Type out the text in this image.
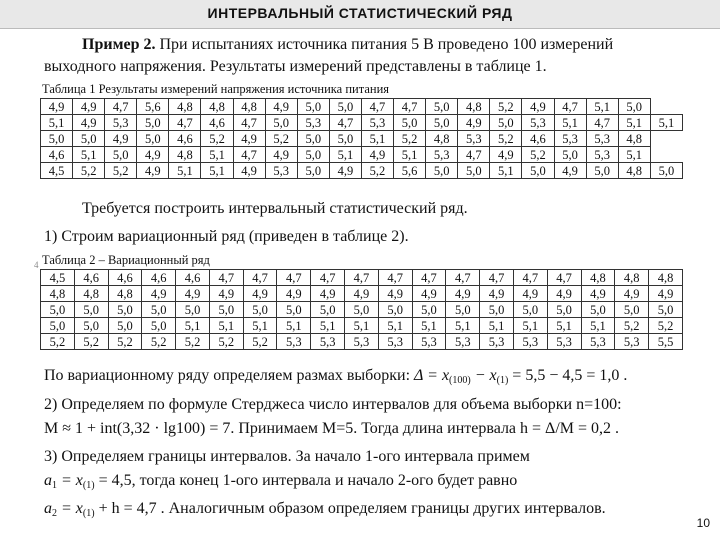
ИНТЕРВАЛЬНЫЙ СТАТИСТИЧЕСКИЙ РЯД
4
Пример 2. При испытаниях источника питания 5 В проведено 100 измерений
выходного напряжения. Результаты измерений представлены в таблице 1.
Таблица 1 Результаты измерений напряжения источника питания
4,9	4,9	4,7	5,6	4,8	4,8	4,8	4,9	5,0	5,0	4,7	4,7	5,0	4,8	5,2	4,9	4,7	5,1	5,0	
5,1	4,9	5,3	5,0	4,7	4,6	4,7	5,0	5,3	4,7	5,3	5,0	5,0	4,9	5,0	5,3	5,1	4,7	5,1	5,1
5,0	5,0	4,9	5,0	4,6	5,2	4,9	5,2	5,0	5,0	5,1	5,2	4,8	5,3	5,2	4,6	5,3	5,3	4,8	
4,6	5,1	5,0	4,9	4,8	5,1	4,7	4,9	5,0	5,1	4,9	5,1	5,3	4,7	4,9	5,2	5,0	5,3	5,1	
4,5	5,2	5,2	4,9	5,1	5,1	4,9	5,3	5,0	4,9	5,2	5,6	5,0	5,0	5,1	5,0	4,9	5,0	4,8	5,0
Требуется построить интервальный статистический ряд.
1) Строим вариационный ряд (приведен в таблице 2).
Таблица 2 – Вариационный ряд
4,5	4,6	4,6	4,6	4,6	4,7	4,7	4,7	4,7	4,7	4,7	4,7	4,7	4,7	4,7	4,7	4,8	4,8	4,8
4,8	4,8	4,8	4,9	4,9	4,9	4,9	4,9	4,9	4,9	4,9	4,9	4,9	4,9	4,9	4,9	4,9	4,9	4,9
5,0	5,0	5,0	5,0	5,0	5,0	5,0	5,0	5,0	5,0	5,0	5,0	5,0	5,0	5,0	5,0	5,0	5,0	5,0
5,0	5,0	5,0	5,0	5,1	5,1	5,1	5,1	5,1	5,1	5,1	5,1	5,1	5,1	5,1	5,1	5,1	5,2	5,2
5,2	5,2	5,2	5,2	5,2	5,2	5,2	5,3	5,3	5,3	5,3	5,3	5,3	5,3	5,3	5,3	5,3	5,3	5,5
По вариационному ряду определяем размах выборки: $\Delta = x_{(100)} - x_{(1)} = 5,5 - 4,5 = 1,0$ .
2) Определяем по формуле Стерджеса число интервалов для объема выборки n=100:
M ≈ 1 + int(3,32 · lg100) = 7. Принимаем M=5. Тогда длина интервала h = Δ/M = 0,2 .
3) Определяем границы интервалов. За начало 1-ого интервала примем
$a_1 = x_{(1)} = 4,5$, тогда конец 1-ого интервала и начало 2-ого будет равно
$a_2 = x_{(1)} + h = 4,7$ . Аналогичным образом определяем границы других интервалов.
10
